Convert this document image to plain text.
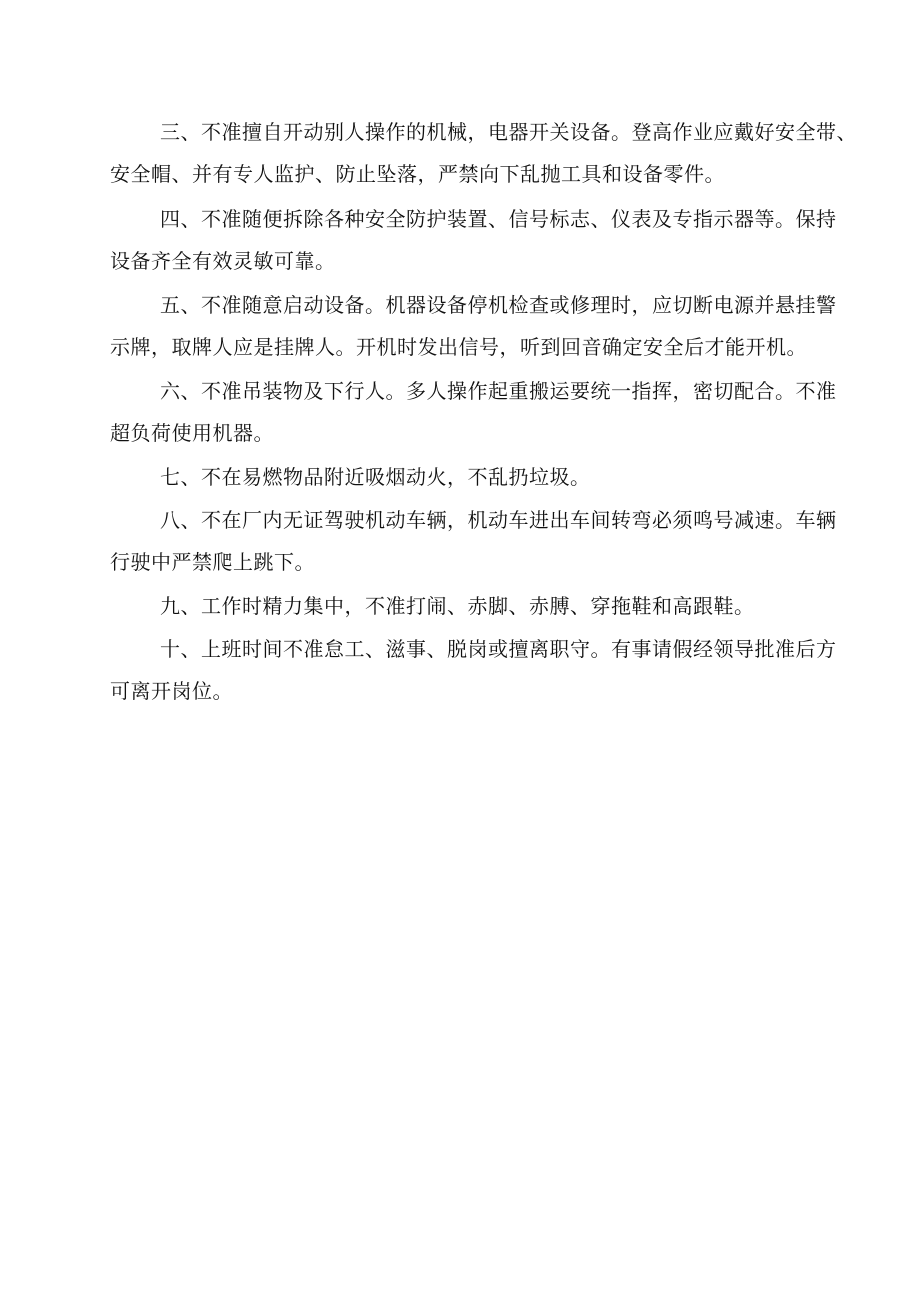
三、不准擅自开动别人操作的机械，电器开关设备。登高作业应戴好安全带、

安全帽、并有专人监护、防止坠落，严禁向下乱抛工具和设备零件。

四、不准随便拆除各种安全防护装置、信号标志、仪表及专指示器等。保持

设备齐全有效灵敏可靠。

五、不准随意启动设备。机器设备停机检查或修理时，应切断电源并悬挂警

示牌，取牌人应是挂牌人。开机时发出信号，听到回音确定安全后才能开机。

六、不准吊装物及下行人。多人操作起重搬运要统一指挥，密切配合。不准

超负荷使用机器。

七、不在易燃物品附近吸烟动火，不乱扔垃圾。

八、不在厂内无证驾驶机动车辆，机动车进出车间转弯必须鸣号减速。车辆

行驶中严禁爬上跳下。

九、工作时精力集中，不准打闹、赤脚、赤膊、穿拖鞋和高跟鞋。

十、上班时间不准怠工、滋事、脱岗或擅离职守。有事请假经领导批准后方

可离开岗位。
